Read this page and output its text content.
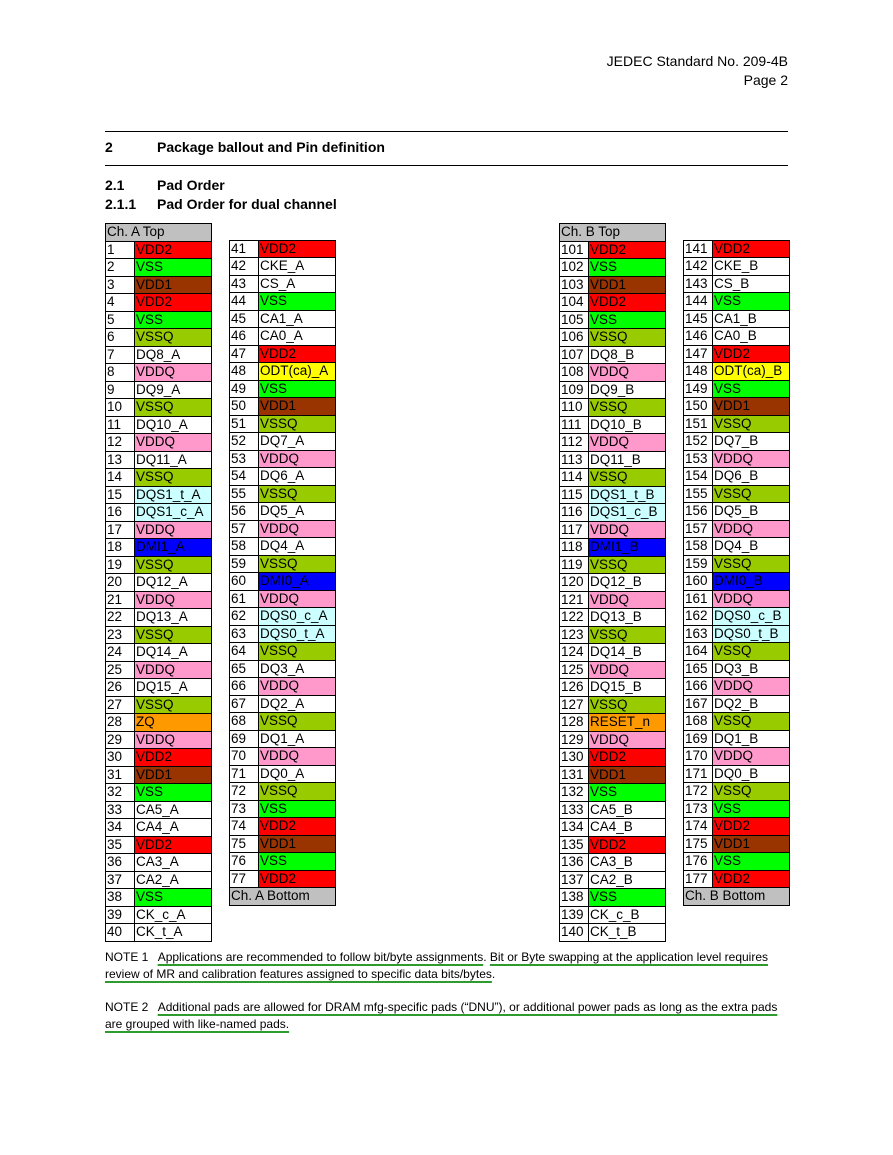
JEDEC Standard No. 209-4B
Page 2
2	Package ballout and Pin definition
2.1 Pad Order
2.1.1 Pad Order for dual channel
Ch. A Top	
1	VDD2
2	VSS
3	VDD1
4	VDD2
5	VSS
6	VSSQ
7	DQ8_A
8	VDDQ
9	DQ9_A
10	VSSQ
11	DQ10_A
12	VDDQ
13	DQ11_A
14	VSSQ
15	DQS1_t_A
16	DQS1_c_A
17	VDDQ
18	DMI1_A
19	VSSQ
20	DQ12_A
21	VDDQ
22	DQ13_A
23	VSSQ
24	DQ14_A
25	VDDQ
26	DQ15_A
27	VSSQ
28	ZQ
29	VDDQ
30	VDD2
31	VDD1
32	VSS
33	CA5_A
34	CA4_A
35	VDD2
36	CA3_A
37	CA2_A
38	VSS
39	CK_c_A
40	CK_t_A

41	VDD2
42	CKE_A
43	CS_A
44	VSS
45	CA1_A
46	CA0_A
47	VDD2
48	ODT(ca)_A
49	VSS
50	VDD1
51	VSSQ
52	DQ7_A
53	VDDQ
54	DQ6_A
55	VSSQ
56	DQ5_A
57	VDDQ
58	DQ4_A
59	VSSQ
60	DMI0_A
61	VDDQ
62	DQS0_c_A
63	DQS0_t_A
64	VSSQ
65	DQ3_A
66	VDDQ
67	DQ2_A
68	VSSQ
69	DQ1_A
70	VDDQ
71	DQ0_A
72	VSSQ
73	VSS
74	VDD2
75	VDD1
76	VSS
77	VDD2
Ch. A Bottom	
Ch. B Top	
101	VDD2
102	VSS
103	VDD1
104	VDD2
105	VSS
106	VSSQ
107	DQ8_B
108	VDDQ
109	DQ9_B
110	VSSQ
111	DQ10_B
112	VDDQ
113	DQ11_B
114	VSSQ
115	DQS1_t_B
116	DQS1_c_B
117	VDDQ
118	DMI1_B
119	VSSQ
120	DQ12_B
121	VDDQ
122	DQ13_B
123	VSSQ
124	DQ14_B
125	VDDQ
126	DQ15_B
127	VSSQ
128	RESET_n
129	VDDQ
130	VDD2
131	VDD1
132	VSS
133	CA5_B
134	CA4_B
135	VDD2
136	CA3_B
137	CA2_B
138	VSS
139	CK_c_B
140	CK_t_B

141	VDD2
142	CKE_B
143	CS_B
144	VSS
145	CA1_B
146	CA0_B
147	VDD2
148	ODT(ca)_B
149	VSS
150	VDD1
151	VSSQ
152	DQ7_B
153	VDDQ
154	DQ6_B
155	VSSQ
156	DQ5_B
157	VDDQ
158	DQ4_B
159	VSSQ
160	DMI0_B
161	VDDQ
162	DQS0_c_B
163	DQS0_t_B
164	VSSQ
165	DQ3_B
166	VDDQ
167	DQ2_B
168	VSSQ
169	DQ1_B
170	VDDQ
171	DQ0_B
172	VSSQ
173	VSS
174	VDD2
175	VDD1
176	VSS
177	VDD2
Ch. B Bottom	
NOTE 1 Applications are recommended to follow bit/byte assignments. Bit or Byte swapping at the application level requires review of MR and calibration features assigned to specific data bits/bytes.
NOTE 2 Additional pads are allowed for DRAM mfg-specific pads (“DNU”), or additional power pads as long as the extra pads are grouped with like-named pads.
